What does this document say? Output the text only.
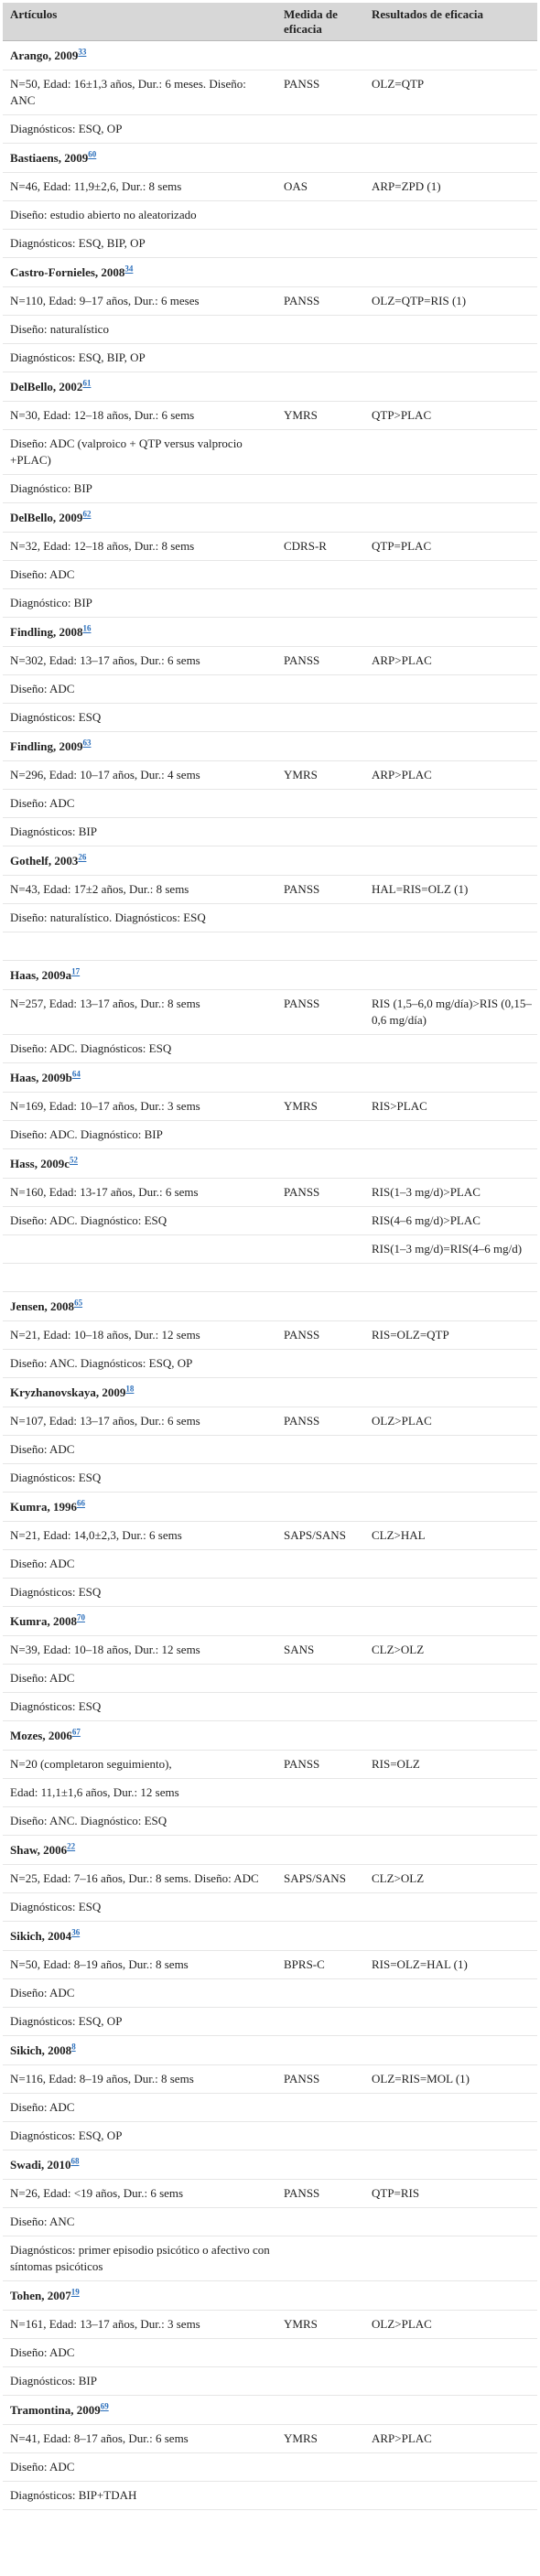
Artículos	Medida de eficacia	Resultados de eficacia
Arango, 2009$^{33}$
N=50, Edad: 16±1,3 años, Dur.: 6 meses. Diseño: ANC	PANSS	OLZ=QTP
Diagnósticos: ESQ, OP		
Bastiaens, 2009$^{60}$
N=46, Edad: 11,9±2,6, Dur.: 8 sems	OAS	ARP=ZPD (1)
Diseño: estudio abierto no aleatorizado		
Diagnósticos: ESQ, BIP, OP		
Castro-Fornieles, 2008$^{34}$
N=110, Edad: 9–17 años, Dur.: 6 meses	PANSS	OLZ=QTP=RIS (1)
Diseño: naturalístico		
Diagnósticos: ESQ, BIP, OP		
DelBello, 2002$^{61}$
N=30, Edad: 12–18 años, Dur.: 6 sems	YMRS	QTP>PLAC
Diseño: ADC (valproico + QTP versus valprocio +PLAC)		
Diagnóstico: BIP		
DelBello, 2009$^{62}$
N=32, Edad: 12–18 años, Dur.: 8 sems	CDRS-R	QTP=PLAC
Diseño: ADC		
Diagnóstico: BIP		
Findling, 2008$^{16}$
N=302, Edad: 13–17 años, Dur.: 6 sems	PANSS	ARP>PLAC
Diseño: ADC		
Diagnósticos: ESQ		
Findling, 2009$^{63}$
N=296, Edad: 10–17 años, Dur.: 4 sems	YMRS	ARP>PLAC
Diseño: ADC		
Diagnósticos: BIP		
Gothelf, 2003$^{26}$
N=43, Edad: 17±2 años, Dur.: 8 sems	PANSS	HAL=RIS=OLZ (1)
Diseño: naturalístico. Diagnósticos: ESQ		

Haas, 2009a$^{17}$
N=257, Edad: 13–17 años, Dur.: 8 sems	PANSS	RIS (1,5–6,0 mg/día)>RIS (0,15–0,6 mg/día)
Diseño: ADC. Diagnósticos: ESQ		
Haas, 2009b$^{64}$
N=169, Edad: 10–17 años, Dur.: 3 sems	YMRS	RIS>PLAC
Diseño: ADC. Diagnóstico: BIP		
Hass, 2009c$^{52}$
N=160, Edad: 13-17 años, Dur.: 6 sems	PANSS	RIS(1–3 mg/d)>PLAC
Diseño: ADC. Diagnóstico: ESQ		RIS(4–6 mg/d)>PLAC
		RIS(1–3 mg/d)=RIS(4–6 mg/d)

Jensen, 2008$^{65}$
N=21, Edad: 10–18 años, Dur.: 12 sems	PANSS	RIS=OLZ=QTP
Diseño: ANC. Diagnósticos: ESQ, OP		
Kryzhanovskaya, 2009$^{18}$
N=107, Edad: 13–17 años, Dur.: 6 sems	PANSS	OLZ>PLAC
Diseño: ADC		
Diagnósticos: ESQ		
Kumra, 1996$^{66}$
N=21, Edad: 14,0±2,3, Dur.: 6 sems	SAPS/SANS	CLZ>HAL
Diseño: ADC		
Diagnósticos: ESQ		
Kumra, 2008$^{70}$
N=39, Edad: 10–18 años, Dur.: 12 sems	SANS	CLZ>OLZ
Diseño: ADC		
Diagnósticos: ESQ		
Mozes, 2006$^{67}$
N=20 (completaron seguimiento),	PANSS	RIS=OLZ
Edad: 11,1±1,6 años, Dur.: 12 sems		
Diseño: ANC. Diagnóstico: ESQ		
Shaw, 2006$^{22}$
N=25, Edad: 7–16 años, Dur.: 8 sems. Diseño: ADC	SAPS/SANS	CLZ>OLZ
Diagnósticos: ESQ		
Sikich, 2004$^{36}$
N=50, Edad: 8–19 años, Dur.: 8 sems	BPRS-C	RIS=OLZ=HAL (1)
Diseño: ADC		
Diagnósticos: ESQ, OP		
Sikich, 2008$^8$
N=116, Edad: 8–19 años, Dur.: 8 sems	PANSS	OLZ=RIS=MOL (1)
Diseño: ADC		
Diagnósticos: ESQ, OP		
Swadi, 2010$^{68}$
N=26, Edad: <19 años, Dur.: 6 sems	PANSS	QTP=RIS
Diseño: ANC		
Diagnósticos: primer episodio psicótico o afectivo con síntomas psicóticos		
Tohen, 2007$^{19}$
N=161, Edad: 13–17 años, Dur.: 3 sems	YMRS	OLZ>PLAC
Diseño: ADC		
Diagnósticos: BIP		
Tramontina, 2009$^{69}$
N=41, Edad: 8–17 años, Dur.: 6 sems	YMRS	ARP>PLAC
Diseño: ADC		
Diagnósticos: BIP+TDAH		
